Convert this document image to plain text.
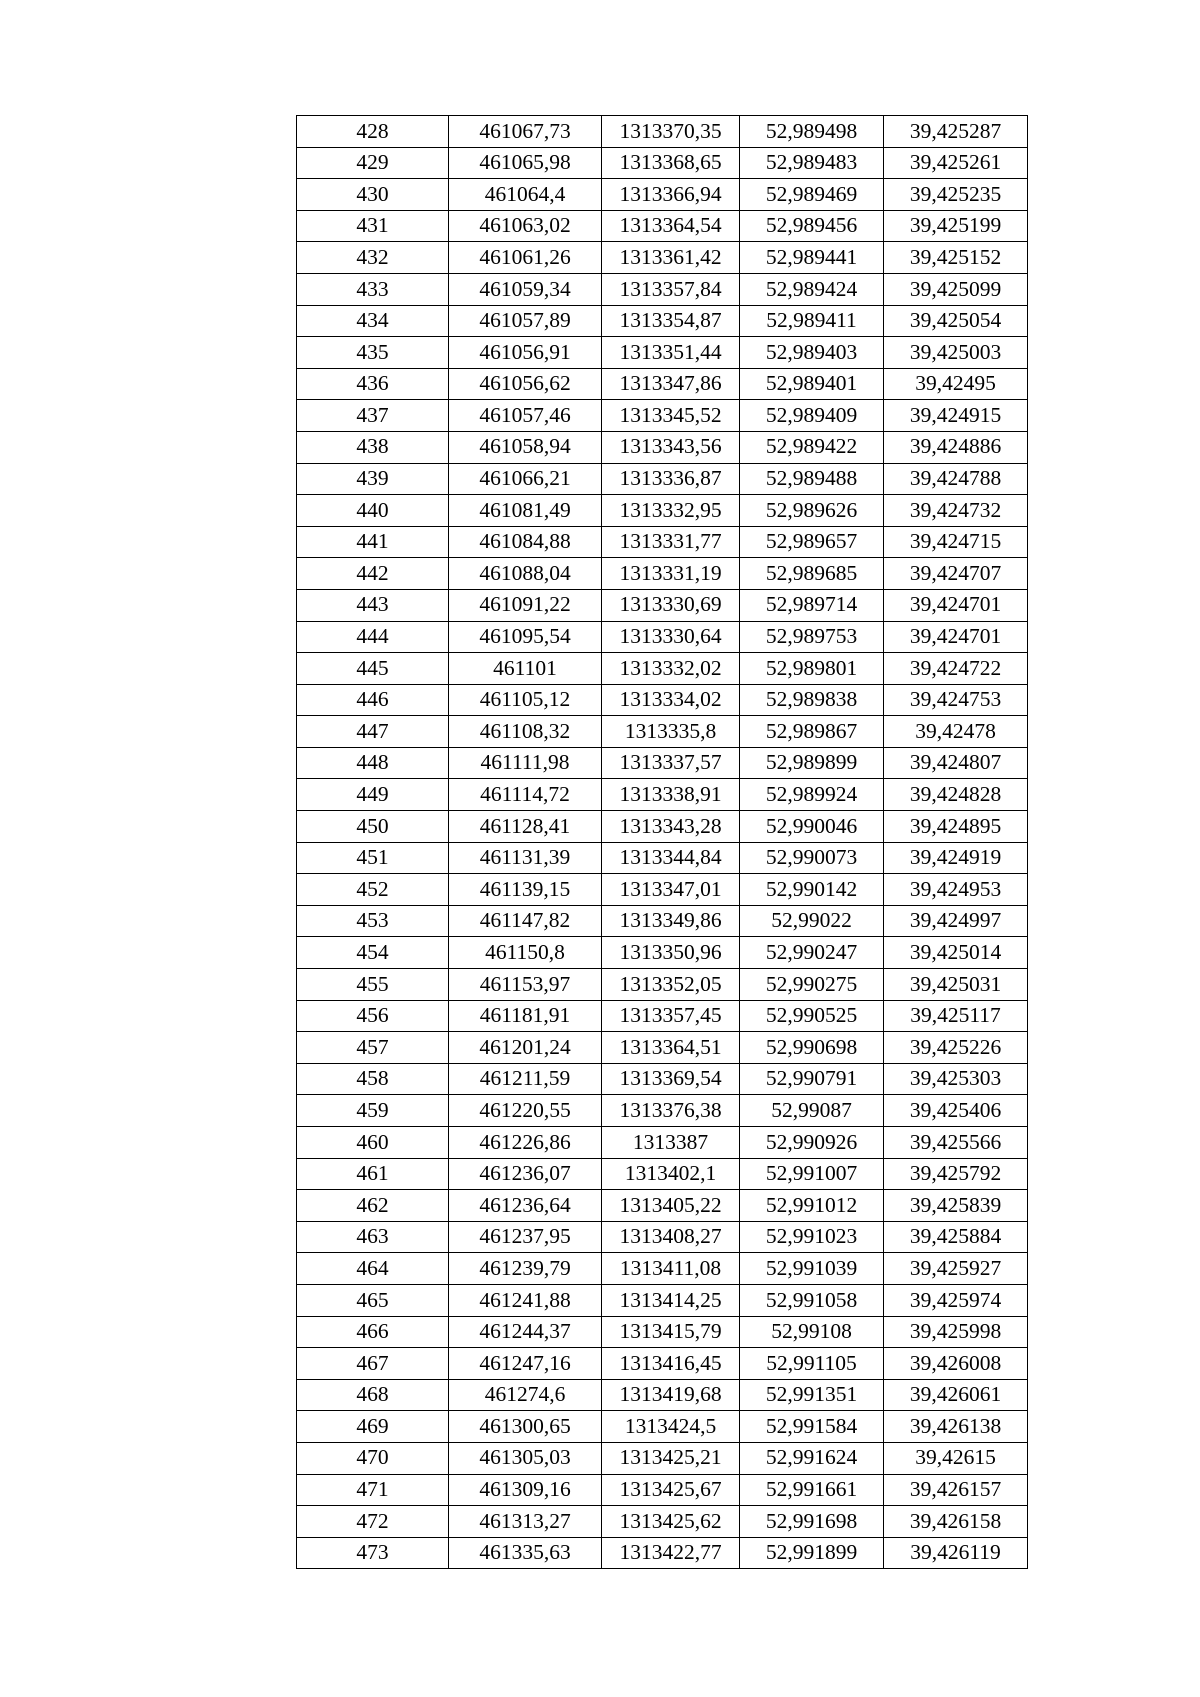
428	461067,73	1313370,35	52,989498	39,425287
429	461065,98	1313368,65	52,989483	39,425261
430	461064,4	1313366,94	52,989469	39,425235
431	461063,02	1313364,54	52,989456	39,425199
432	461061,26	1313361,42	52,989441	39,425152
433	461059,34	1313357,84	52,989424	39,425099
434	461057,89	1313354,87	52,989411	39,425054
435	461056,91	1313351,44	52,989403	39,425003
436	461056,62	1313347,86	52,989401	39,42495
437	461057,46	1313345,52	52,989409	39,424915
438	461058,94	1313343,56	52,989422	39,424886
439	461066,21	1313336,87	52,989488	39,424788
440	461081,49	1313332,95	52,989626	39,424732
441	461084,88	1313331,77	52,989657	39,424715
442	461088,04	1313331,19	52,989685	39,424707
443	461091,22	1313330,69	52,989714	39,424701
444	461095,54	1313330,64	52,989753	39,424701
445	461101	1313332,02	52,989801	39,424722
446	461105,12	1313334,02	52,989838	39,424753
447	461108,32	1313335,8	52,989867	39,42478
448	461111,98	1313337,57	52,989899	39,424807
449	461114,72	1313338,91	52,989924	39,424828
450	461128,41	1313343,28	52,990046	39,424895
451	461131,39	1313344,84	52,990073	39,424919
452	461139,15	1313347,01	52,990142	39,424953
453	461147,82	1313349,86	52,99022	39,424997
454	461150,8	1313350,96	52,990247	39,425014
455	461153,97	1313352,05	52,990275	39,425031
456	461181,91	1313357,45	52,990525	39,425117
457	461201,24	1313364,51	52,990698	39,425226
458	461211,59	1313369,54	52,990791	39,425303
459	461220,55	1313376,38	52,99087	39,425406
460	461226,86	1313387	52,990926	39,425566
461	461236,07	1313402,1	52,991007	39,425792
462	461236,64	1313405,22	52,991012	39,425839
463	461237,95	1313408,27	52,991023	39,425884
464	461239,79	1313411,08	52,991039	39,425927
465	461241,88	1313414,25	52,991058	39,425974
466	461244,37	1313415,79	52,99108	39,425998
467	461247,16	1313416,45	52,991105	39,426008
468	461274,6	1313419,68	52,991351	39,426061
469	461300,65	1313424,5	52,991584	39,426138
470	461305,03	1313425,21	52,991624	39,42615
471	461309,16	1313425,67	52,991661	39,426157
472	461313,27	1313425,62	52,991698	39,426158
473	461335,63	1313422,77	52,991899	39,426119
